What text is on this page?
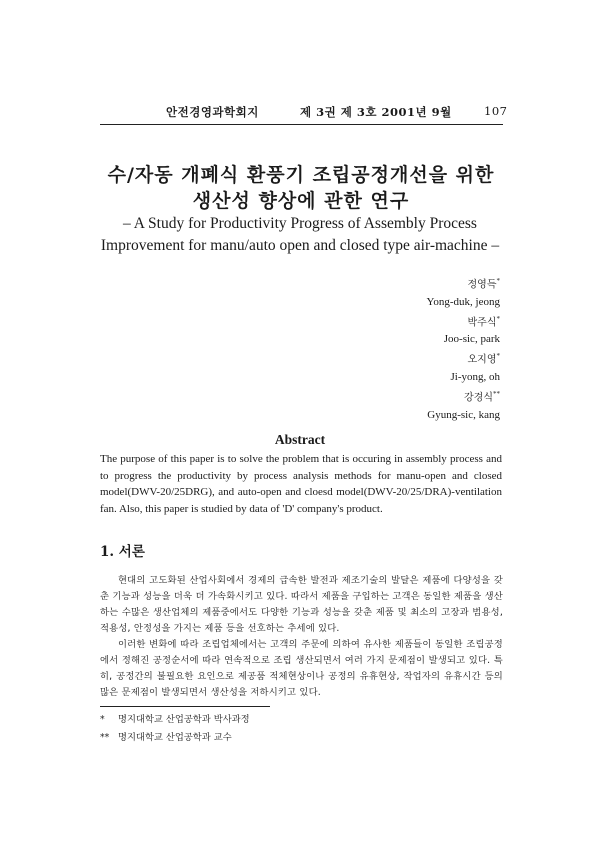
안전경영과학회지	제 3권 제 3호 2001년 9월	107
수/자동 개폐식 환풍기 조립공정개선을 위한
생산성 향상에 관한 연구
– A Study for Productivity Progress of Assembly Process
Improvement for manu/auto open and closed type air-machine –
정영득*
Yong-duk, jeong
박주식*
Joo-sic, park
오지영*
Ji-yong, oh
강경식**
Gyung-sic, kang
Abstract
The purpose of this paper is to solve the problem that is occuring in assembly process and to progress the productivity by process analysis methods for manu-open and closed model(DWV-20/25DRG), and auto-open and cloesd model(DWV-20/25/DRA)-ventilation fan. Also, this paper is studied by data of 'D' company's product.
1. 서론

현대의 고도화된 산업사회에서 경제의 급속한 발전과 제조기술의 발달은 제품에 다양성을 갖춘 기능과 성능을 더욱 더 가속화시키고 있다. 따라서 제품을 구입하는 고객은 동일한 제품을 생산하는 수많은 생산업체의 제품중에서도 다양한 기능과 성능을 갖춘 제품 및 최소의 고장과 범용성, 적용성, 안정성을 가지는 제품 등을 선호하는 추세에 있다.

이러한 변화에 따라 조립업체에서는 고객의 주문에 의하여 유사한 제품들이 동일한 조립공정에서 정해진 공정순서에 따라 연속적으로 조립 생산되면서 여러 가지 문제점이 발생되고 있다. 특히, 공정간의 불필요한 요인으로 제공품 적체현상이나 공정의 유휴현상, 작업자의 유휴시간 등의 많은 문제점이 발생되면서 생산성을 저하시키고 있다.

* 명지대학교 산업공학과 박사과정
** 명지대학교 산업공학과 교수
